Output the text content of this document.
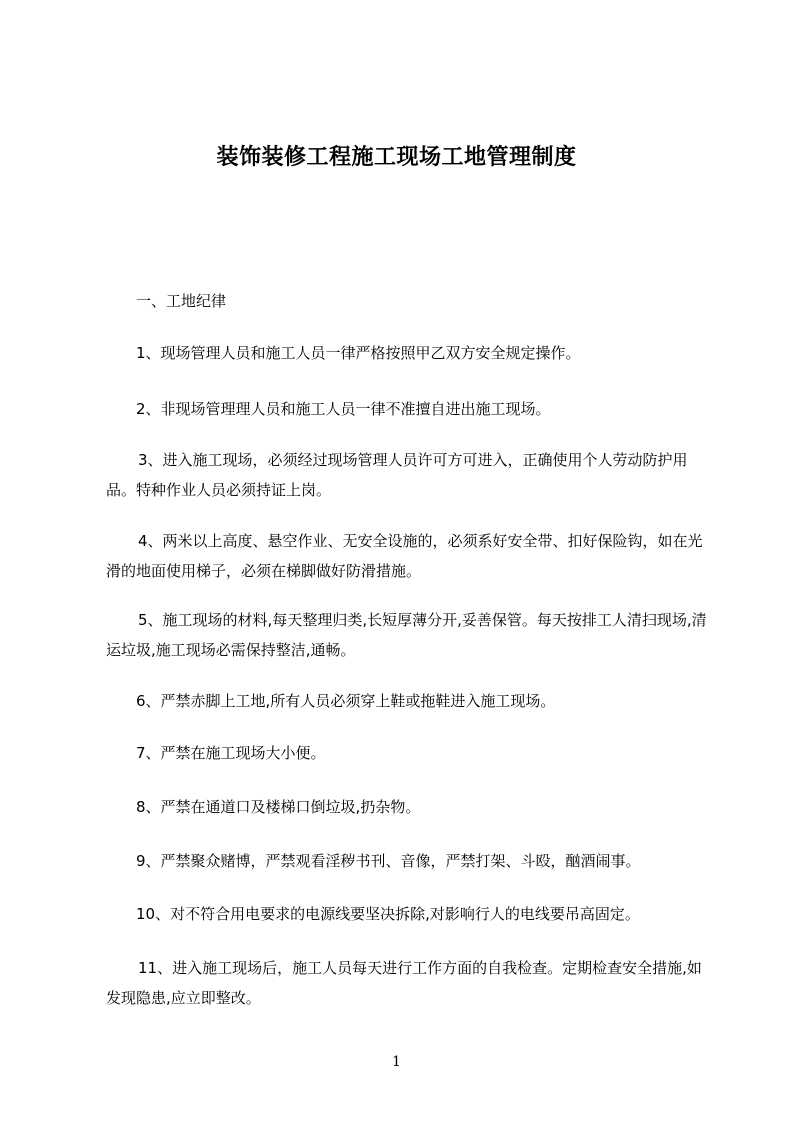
装饰装修工程施工现场工地管理制度
一、工地纪律
1、现场管理人员和施工人员一律严格按照甲乙双方安全规定操作。
2、非现场管理理人员和施工人员一律不准擅自进出施工现场。
3、进入施工现场，必须经过现场管理人员许可方可进入，正确使用个人劳动防护用品。特种作业人员必须持证上岗。
4、两米以上高度、悬空作业、无安全设施的，必须系好安全带、扣好保险钩，如在光滑的地面使用梯子，必须在梯脚做好防滑措施。
5、施工现场的材料,每天整理归类,长短厚薄分开,妥善保管。每天按排工人清扫现场,清运垃圾,施工现场必需保持整洁,通畅。
6、严禁赤脚上工地,所有人员必须穿上鞋或拖鞋进入施工现场。
7、严禁在施工现场大小便。
8、严禁在通道口及楼梯口倒垃圾,扔杂物。
9、严禁聚众赌博，严禁观看淫秽书刊、音像，严禁打架、斗殴，酗酒闹事。
10、对不符合用电要求的电源线要坚决拆除,对影响行人的电线要吊高固定。
11、进入施工现场后，施工人员每天进行工作方面的自我检查。定期检查安全措施,如发现隐患,应立即整改。
1
